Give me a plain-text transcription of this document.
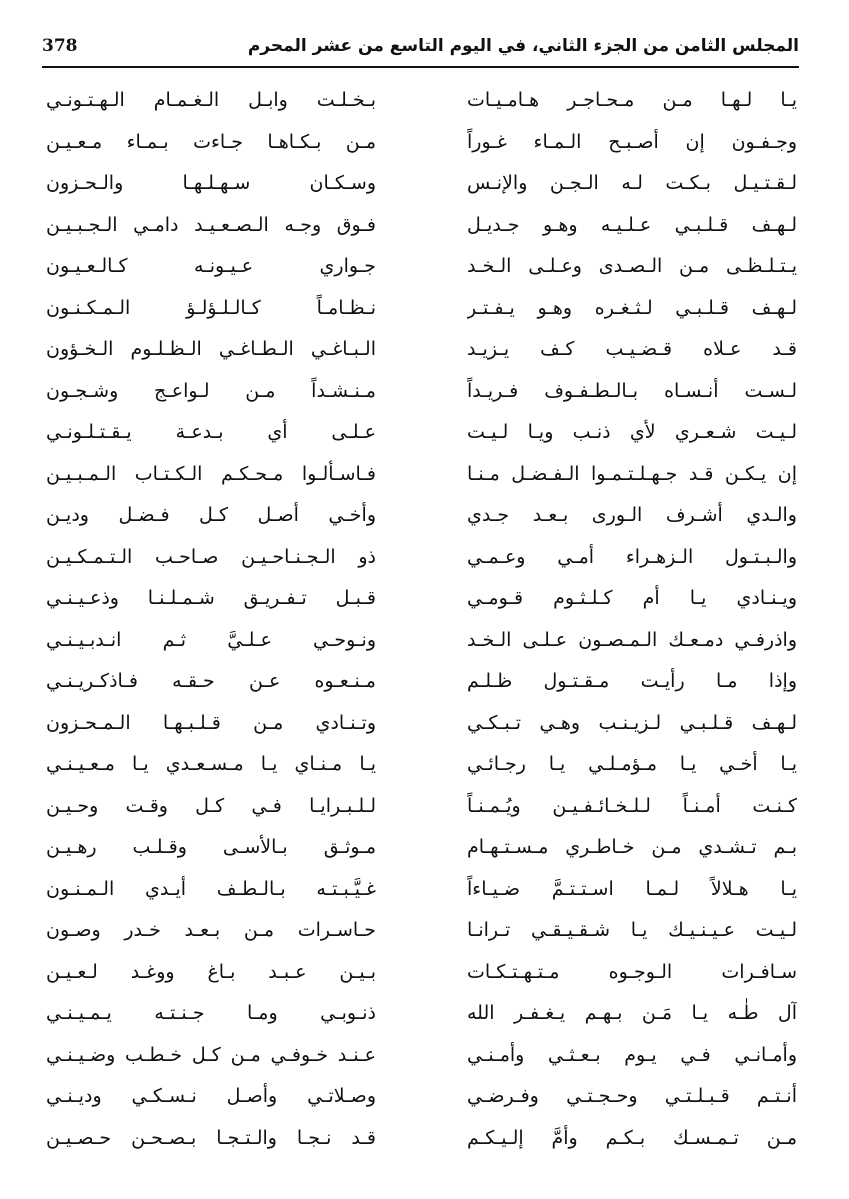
378	المجلس الثامن من الجزء الثاني، في اليوم التاسع من عشر المحرم
يـا لـهـا مـن مـحـاجـر هـامـيـات
وجـفـون إن أصـبـح الـمـاء غـوراً
لـقـتـيـل بـكـت لـه الـجـن والإنـس
لـهـف قـلـبـي عـلـيـه وهـو جـديـل
يـتـلـظـى مـن الـصـدى وعـلـى الـخـد
لـهـف قـلـبـي لـثـغـره وهـو يـفـتـر
قـد عـلاه قـضـيـب كـف يـزيـد
لـسـت أنـسـاه بـالـطـفـوف فـريـداً
لـيـت شـعـري لأي ذنـب ويـا لـيـت
إن يـكـن قـد جـهـلـتـمـوا الـفـضـل مـنـا
والـدي أشـرف الـورى بـعـد جـدي
والـبـتـول الـزهـراء أمـي وعـمـي
ويـنـادي يـا أم كـلـثـوم قـومـي
واذرفـي دمـعـك الـمـصـون عـلـى الـخـد
وإذا مـا رأيـت مـقـتـول ظـلـم
لـهـف قـلـبـي لـزيـنـب وهـي تـبـكـي
يـا أخـي يـا مـؤمـلـي يـا رجـائـي
كـنـت أمـنـاً لـلـخـائـفـيـن ويُـمـنـاً
بـم تـشـدي مـن خـاطـري مـسـتـهـام
يـا هـلالاً لـمـا اسـتـتـمَّ ضـيـاءاً
لـيـت عـيـنـيـك يـا شـقـيـقـي تـرانـا
سـافـرات الـوجـوه مـتـهـتـكـات
آل طٰـه يـا مَـن بـهـم يـغـفـر الله
وأمـانـي فـي يـوم بـعـثـي وأمـنـي
أنـتـم قـبـلـتـي وحـجـتـي وفـرضـي
مـن تـمـسـك بـكـم وأمَّ إلـيـكـم
بـخـلـت وابـل الـغـمـام الـهـتـونـي
مـن بـكـاهـا جـاءت بـمـاء مـعـيـن
وسـكـان سـهـلـهـا والـحـزون
فـوق وجـه الـصـعـيـد دامـي الـجـبـيـن
جـواري عـيـونـه كـالـعـيـون
نـظـامـاً كـالـلـؤلـؤ الـمـكـنـون
الـبـاغـي الـطـاغـي الـظـلـوم الـخـؤون
مـنـشـداً مـن لـواعـج وشـجـون
عـلـى أي بـدعـة يـقـتـلـونـي
فـاسـألـوا مـحـكـم الـكـتـاب الـمـبـيـن
وأخـي أصـل كـل فـضـل وديـن
ذو الـجـنـاحـيـن صـاحـب الـتـمـكـيـن
قـبـل تـفـريـق شـمـلـنـا وذعـيـنـي
ونـوحـي عـلـيَّ ثـم انـدبـيـنـي
مـنـعـوه عـن حـقـه فـاذكـريـنـي
وتـنـادي مـن قـلـبـهـا الـمـحـزون
يـا مـنـاي يـا مـسـعـدي يـا مـعـيـنـي
لـلـبـرايـا فـي كـل وقـت وحـيـن
مـوثـق بـالأسـى وقـلـب رهـيـن
غـيَّـبـتـه بـالـطـف أيـدي الـمـنـون
حـاسـرات مـن بـعـد خـدر وصـون
بـيـن عـبـد بـاغ ووغـد لـعـيـن
ذنـوبـي ومـا جـنـتـه يـمـيـنـي
عـنـد خـوفـي مـن كـل خـطـب وضـيـنـي
وصـلاتـي وأصـل نـسـكـي وديـنـي
قـد نـجـا والـتـجـا بـصـحـن حـصـيـن
